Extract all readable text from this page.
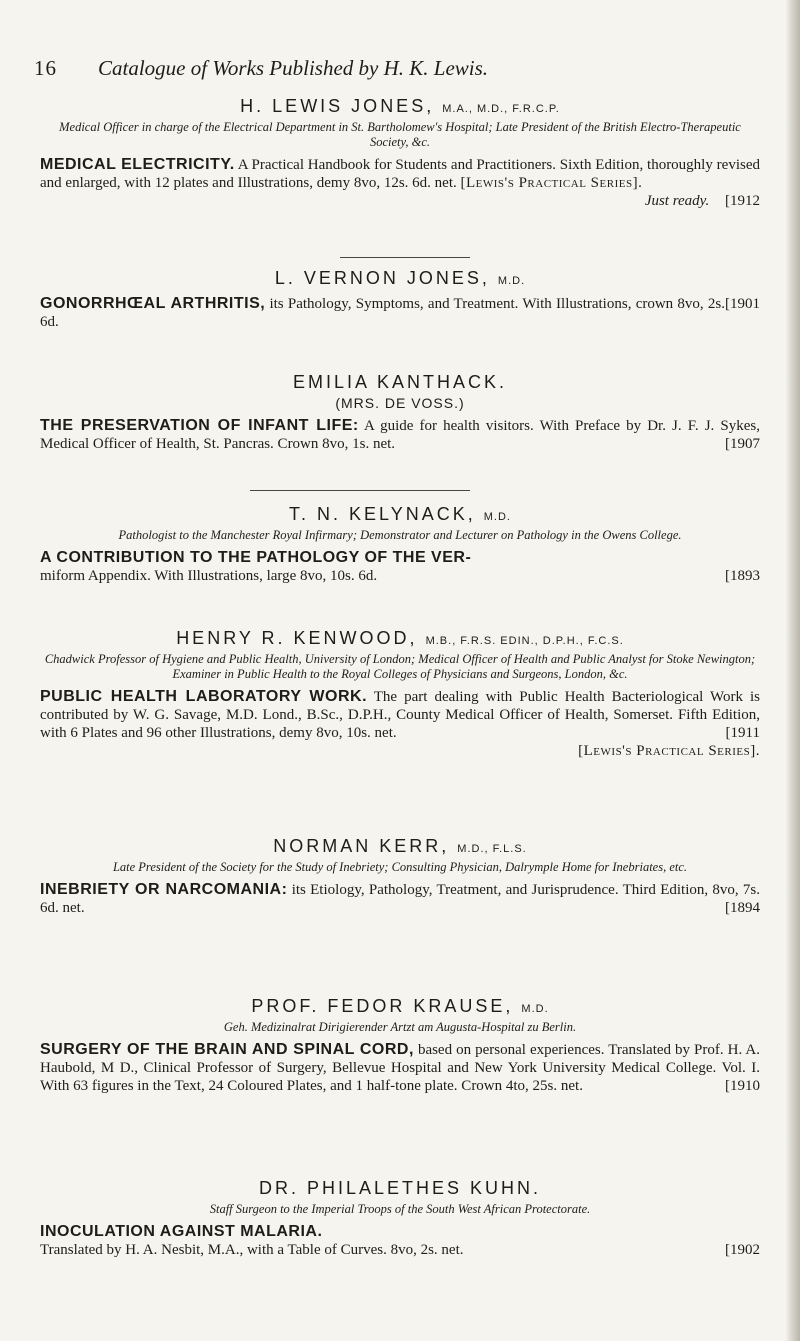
16 Catalogue of Works Published by H. K. Lewis.

H. LEWIS JONES, M.A., M.D., F.R.C.P.

Medical Officer in charge of the Electrical Department in St. Bartholomew's Hospital; Late President of the British Electro-Therapeutic Society, &c.

MEDICAL ELECTRICITY. A Practical Handbook for Students and Practitioners. Sixth Edition, thoroughly revised and enlarged, with 12 plates and Illustrations, demy 8vo, 12s. 6d. net. [Lewis's Practical Series].
Just ready. [1912

L. VERNON JONES, M.D.

[1901
GONORRHŒAL ARTHRITIS, its Pathology, Symptoms, and Treatment. With Illustrations, crown 8vo, 2s. 6d.

EMILIA KANTHACK.

(MRS. DE VOSS.)

THE PRESERVATION OF INFANT LIFE: A guide for health visitors. With Preface by Dr. J. F. J. Sykes, Medical Officer of Health, St. Pancras. Crown 8vo, 1s. net.	[1907

T. N. KELYNACK, M.D.

Pathologist to the Manchester Royal Infirmary; Demonstrator and Lecturer on Pathology in the Owens College.

A CONTRIBUTION TO THE PATHOLOGY OF THE VER-

[1893
miform Appendix. With Illustrations, large 8vo, 10s. 6d.

HENRY R. KENWOOD, M.B., F.R.S. EDIN., D.P.H., F.C.S.

Chadwick Professor of Hygiene and Public Health, University of London; Medical Officer of Health and Public Analyst for Stoke Newington; Examiner in Public Health to the Royal Colleges of Physicians and Surgeons, London, &c.

PUBLIC HEALTH LABORATORY WORK. The part dealing with Public Health Bacteriological Work is contributed by W. G. Savage, M.D. Lond., B.Sc., D.P.H., County Medical Officer of Health, Somerset. Fifth Edition, with 6 Plates and 96 other Illustrations, demy 8vo, 10s. net.	[1911
[Lewis's Practical Series].

NORMAN KERR, M.D., F.L.S.

Late President of the Society for the Study of Inebriety; Consulting Physician, Dalrymple Home for Inebriates, etc.

INEBRIETY OR NARCOMANIA: its Etiology, Pathology, Treatment, and Jurisprudence. Third Edition, 8vo, 7s. 6d. net.	[1894

PROF. FEDOR KRAUSE, M.D.

Geh. Medizinalrat Dirigierender Artzt am Augusta-Hospital zu Berlin.

SURGERY OF THE BRAIN AND SPINAL CORD, based on personal experiences. Translated by Prof. H. A. Haubold, M D., Clinical Professor of Surgery, Bellevue Hospital and New York University Medical College. Vol. I. With 63 figures in the Text, 24 Coloured Plates, and 1 half-tone plate. Crown 4to, 25s. net.	[1910

DR. PHILALETHES KUHN.

Staff Surgeon to the Imperial Troops of the South West African Protectorate.

INOCULATION AGAINST MALARIA.

[1902
Translated by H. A. Nesbit, M.A., with a Table of Curves. 8vo, 2s. net.
